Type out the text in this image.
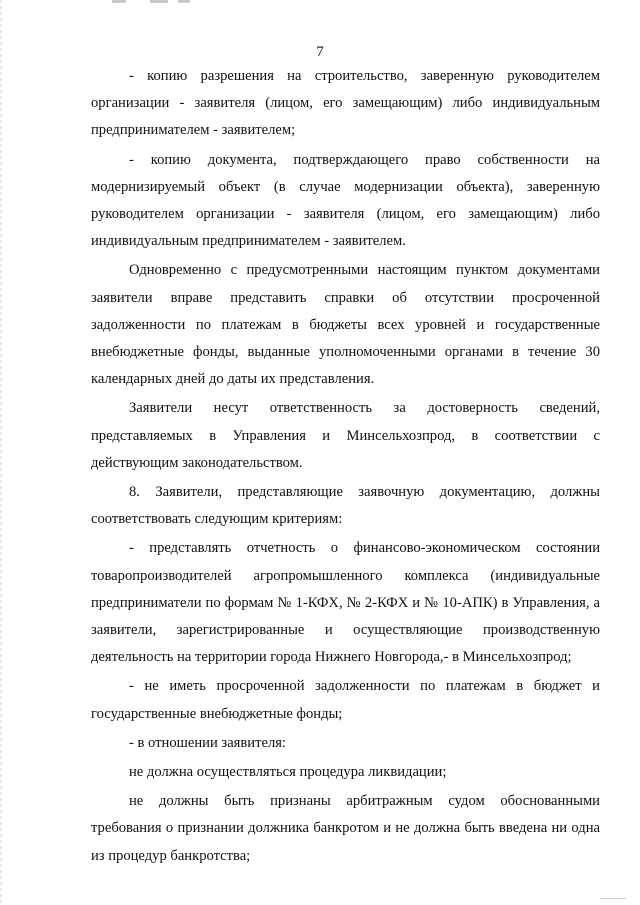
7

- копию разрешения на строительство, заверенную руководителем организации - заявителя (лицом, его замещающим) либо индивидуальным предпринимателем - заявителем;

- копию документа, подтверждающего право собственности на модернизируемый объект (в случае модернизации объекта), заверенную руководителем организации - заявителя (лицом, его замещающим) либо индивидуальным предпринимателем - заявителем.

Одновременно с предусмотренными настоящим пунктом документами заявители вправе представить справки об отсутствии просроченной задолженности по платежам в бюджеты всех уровней и государственные внебюджетные фонды, выданные уполномоченными органами в течение 30 календарных дней до даты их представления.

Заявители несут ответственность за достоверность сведений, представляемых в Управления и Минсельхозпрод, в соответствии с действующим законодательством.

8. Заявители, представляющие заявочную документацию, должны соответствовать следующим критериям:

- представлять отчетность о финансово-экономическом состоянии товаропроизводителей агропромышленного комплекса (индивидуальные предприниматели по формам № 1-КФХ, № 2-КФХ и № 10-АПК) в Управления, а заявители, зарегистрированные и осуществляющие производственную деятельность на территории города Нижнего Новгорода,- в Минсельхозпрод;

- не иметь просроченной задолженности по платежам в бюджет и государственные внебюджетные фонды;

- в отношении заявителя:

не должна осуществляться процедура ликвидации;

не должны быть признаны арбитражным судом обоснованными требования о признании должника банкротом и не должна быть введена ни одна из процедур банкротства;
